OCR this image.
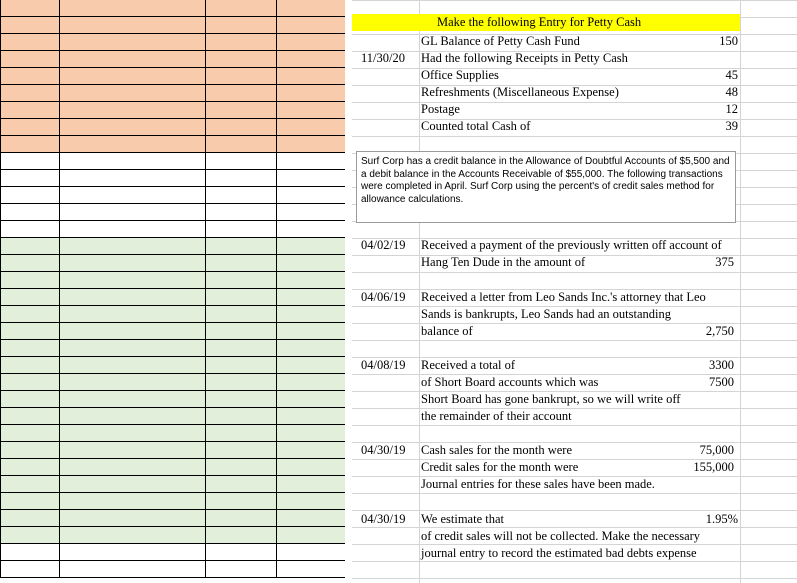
Make the following Entry for Petty Cash
GL Balance of Petty Cash Fund	150
11/30/20 Had the following Receipts in Petty Cash
Office Supplies	45
Refreshments (Miscellaneous Expense)	48
Postage	12
Counted total Cash of	39
Surf Corp has a credit balance in the Allowance of Doubtful Accounts of $5,500 and a debit balance in the Accounts Receivable of $55,000. The following transactions were completed in April. Surf Corp using the percent's of credit sales method for allowance calculations.
04/02/19 Received a payment of the previously written off account of
Hang Ten Dude in the amount of	375
04/06/19 Received a letter from Leo Sands Inc.'s attorney that Leo
Sands is bankrupts, Leo Sands had an outstanding
balance of	2,750
04/08/19 Received a total of	3300
of Short Board accounts which was	7500
Short Board has gone bankrupt, so we will write off
the remainder of their account
04/30/19 Cash sales for the month were	75,000
Credit sales for the month were	155,000
Journal entries for these sales have been made.
04/30/19 We estimate that	1.95%
of credit sales will not be collected. Make the necessary
journal entry to record the estimated bad debts expense
